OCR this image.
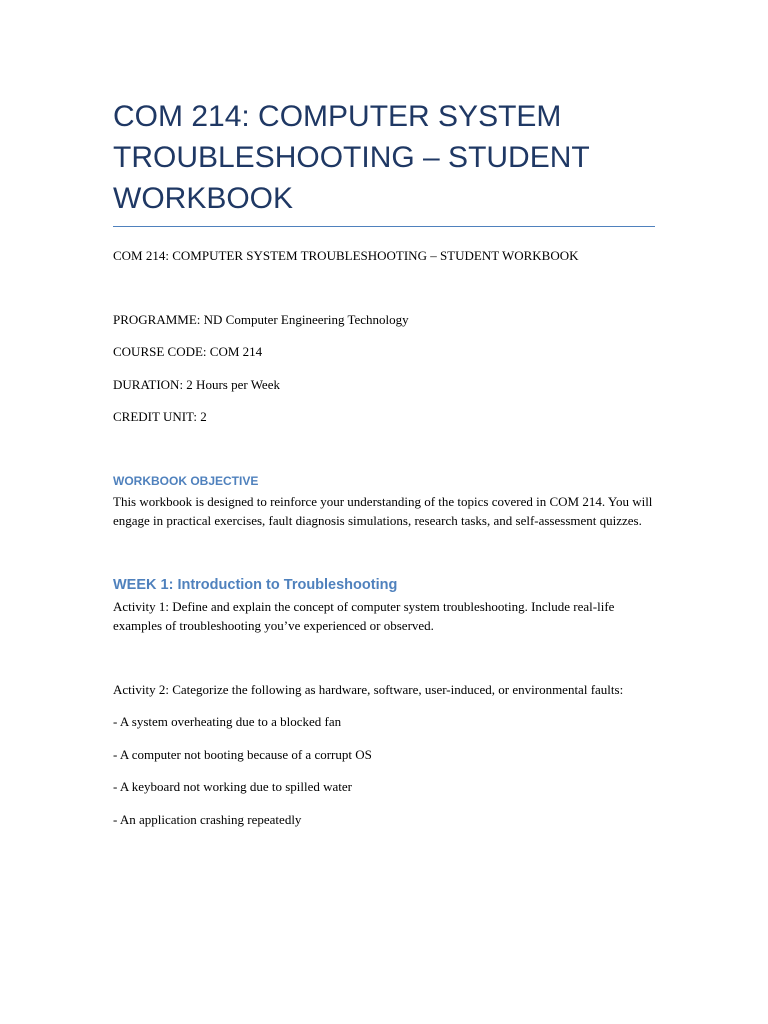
COM 214: COMPUTER SYSTEM TROUBLESHOOTING – STUDENT WORKBOOK

COM 214: COMPUTER SYSTEM TROUBLESHOOTING – STUDENT WORKBOOK

PROGRAMME: ND Computer Engineering Technology

COURSE CODE: COM 214

DURATION: 2 Hours per Week

CREDIT UNIT: 2

WORKBOOK OBJECTIVE

This workbook is designed to reinforce your understanding of the topics covered in COM 214. You will engage in practical exercises, fault diagnosis simulations, research tasks, and self-assessment quizzes.

WEEK 1: Introduction to Troubleshooting

Activity 1: Define and explain the concept of computer system troubleshooting. Include real-life examples of troubleshooting you’ve experienced or observed.

Activity 2: Categorize the following as hardware, software, user-induced, or environmental faults:

- A system overheating due to a blocked fan

- A computer not booting because of a corrupt OS

- A keyboard not working due to spilled water

- An application crashing repeatedly
